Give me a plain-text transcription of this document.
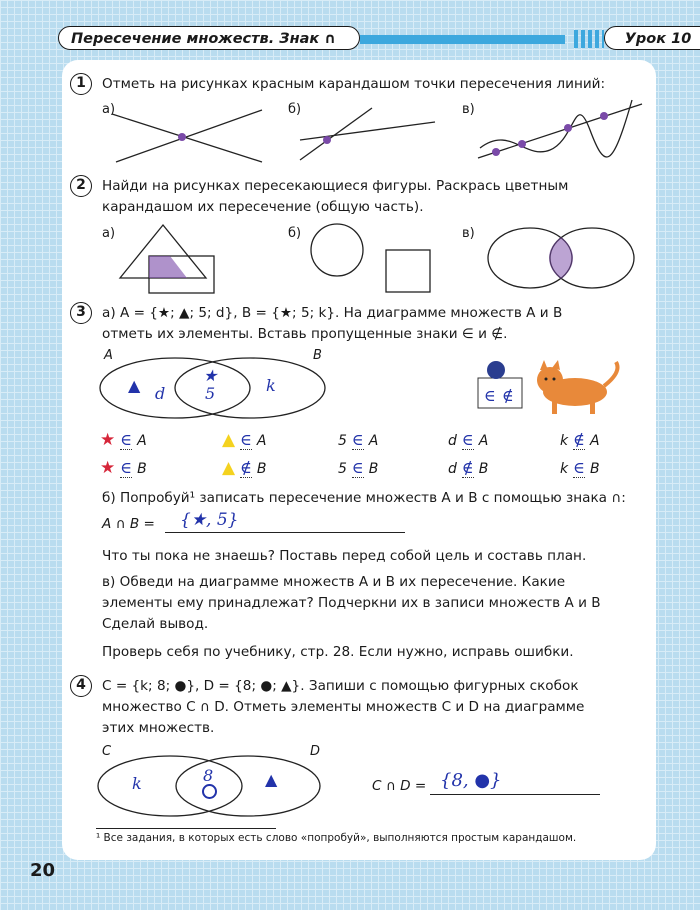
Пересечение множеств. Знак ∩	Урок 10
1	Отметь на рисунках красным карандашом точки пересечения линий:
а)	б)	в)
2	Найди на рисунках пересекающиеся фигуры. Раскрась цветным
карандашом их пересечение (общую часть).
а)	б)	в)
3	а) A = {★; ▲; 5; d}, B = {★; 5; k}. На диаграмме множеств A и B
отметь их элементы. Вставь пропущенные знаки ∈ и ∉.
A	B
▲ d
★
5	k
∈ ∉
★ ∈ A	▲ ∈ A	5 ∈ A	d ∈ A	k ∉ A
★ ∈ B	▲ ∉ B	5 ∈ B	d ∉ B	k ∈ B
б) Попробуй¹ записать пересечение множеств A и B с помощью знака ∩:
A ∩ B = {★, 5}
Что ты пока не знаешь? Поставь перед собой цель и составь план.
в) Обведи на диаграмме множеств A и B их пересечение. Какие
элементы ему принадлежат? Подчеркни их в записи множеств A и B
Сделай вывод.
Проверь себя по учебнику, стр. 28. Если нужно, исправь ошибки.
4	C = {k; 8; ●}, D = {8; ●; ▲}. Запиши с помощью фигурных скобок
множество C ∩ D. Отметь элементы множеств C и D на диаграмме
этих множеств.
C	D
k	8	▲	C ∩ D = {8, ●}
¹ Все задания, в которых есть слово «попробуй», выполняются простым карандашом.
20
